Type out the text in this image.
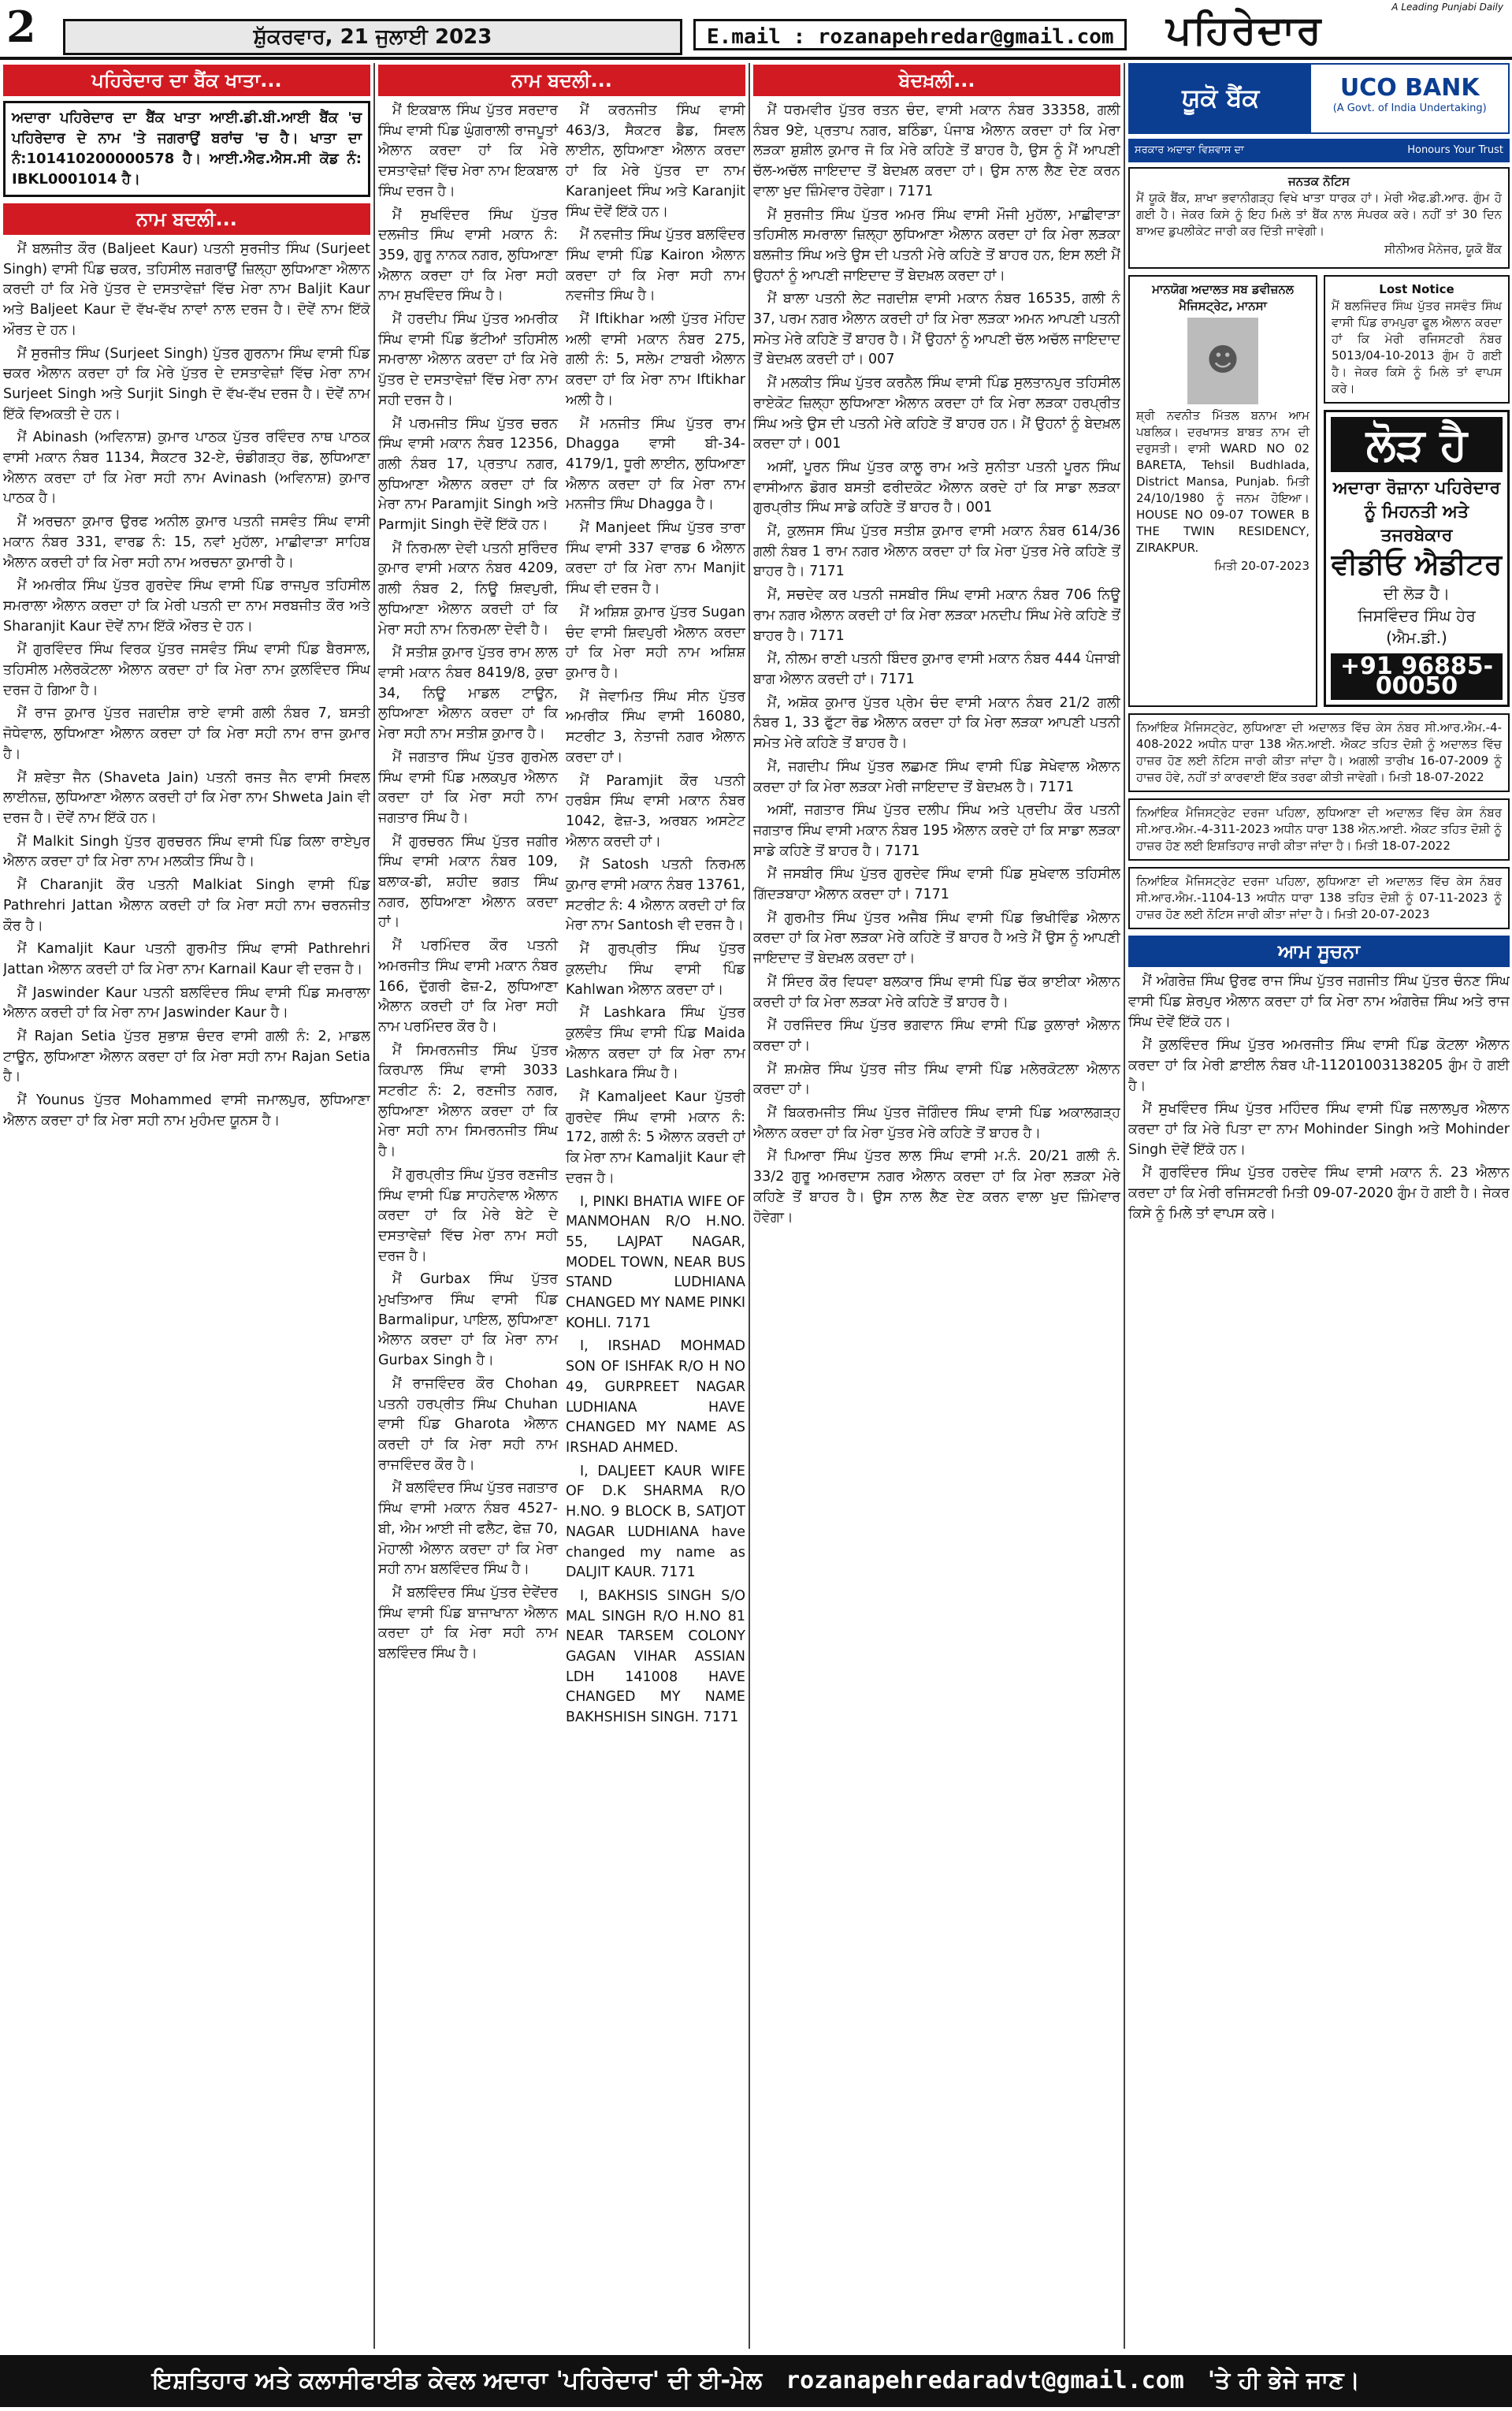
2	ਸ਼ੁੱਕਰਵਾਰ, 21 ਜੁਲਾਈ 2023	E.mail : rozanapehredar@gmail.com
A Leading Punjabi Daily
ਪਹਿਰੇਦਾਰ
ਪਹਿਰੇਦਾਰ ਦਾ ਬੈਂਕ ਖਾਤਾ...
ਅਦਾਰਾ ਪਹਿਰੇਦਾਰ ਦਾ ਬੈਂਕ ਖਾਤਾ ਆਈ.ਡੀ.ਬੀ.ਆਈ ਬੈਂਕ 'ਚ ਪਹਿਰੇਦਾਰ ਦੇ ਨਾਮ 'ਤੇ ਜਗਰਾਉਂ ਬਰਾਂਚ 'ਚ ਹੈ। ਖਾਤਾ ਦਾ ਨੰ:101410200000578 ਹੈ। ਆਈ.ਐਫ.ਐਸ.ਸੀ ਕੋਡ ਨੰ: IBKL0001014 ਹੈ।
ਨਾਮ ਬਦਲੀ...
ਮੈਂ ਬਲਜੀਤ ਕੌਰ (Baljeet Kaur) ਪਤਨੀ ਸੁਰਜੀਤ ਸਿੰਘ (Surjeet Singh) ਵਾਸੀ ਪਿੰਡ ਚਕਰ, ਤਹਿਸੀਲ ਜਗਰਾਉਂ ਜ਼ਿਲ੍ਹਾ ਲੁਧਿਆਣਾ ਐਲਾਨ ਕਰਦੀ ਹਾਂ ਕਿ ਮੇਰੇ ਪੁੱਤਰ ਦੇ ਦਸਤਾਵੇਜ਼ਾਂ ਵਿੱਚ ਮੇਰਾ ਨਾਮ Baljit Kaur ਅਤੇ Baljeet Kaur ਦੋ ਵੱਖ-ਵੱਖ ਨਾਵਾਂ ਨਾਲ ਦਰਜ ਹੈ। ਦੋਵੇਂ ਨਾਮ ਇੱਕੋ ਔਰਤ ਦੇ ਹਨ।
ਮੈਂ ਸੁਰਜੀਤ ਸਿੰਘ (Surjeet Singh) ਪੁੱਤਰ ਗੁਰਨਾਮ ਸਿੰਘ ਵਾਸੀ ਪਿੰਡ ਚਕਰ ਐਲਾਨ ਕਰਦਾ ਹਾਂ ਕਿ ਮੇਰੇ ਪੁੱਤਰ ਦੇ ਦਸਤਾਵੇਜ਼ਾਂ ਵਿੱਚ ਮੇਰਾ ਨਾਮ Surjeet Singh ਅਤੇ Surjit Singh ਦੋ ਵੱਖ-ਵੱਖ ਦਰਜ ਹੈ। ਦੋਵੇਂ ਨਾਮ ਇੱਕੋ ਵਿਅਕਤੀ ਦੇ ਹਨ।
ਮੈਂ Abinash (ਅਵਿਨਾਸ਼) ਕੁਮਾਰ ਪਾਠਕ ਪੁੱਤਰ ਰਵਿੰਦਰ ਨਾਥ ਪਾਠਕ ਵਾਸੀ ਮਕਾਨ ਨੰਬਰ 1134, ਸੈਕਟਰ 32-ਏ, ਚੰਡੀਗੜ੍ਹ ਰੋਡ, ਲੁਧਿਆਣਾ ਐਲਾਨ ਕਰਦਾ ਹਾਂ ਕਿ ਮੇਰਾ ਸਹੀ ਨਾਮ Avinash (ਅਵਿਨਾਸ਼) ਕੁਮਾਰ ਪਾਠਕ ਹੈ।
ਮੈਂ ਅਰਚਨਾ ਕੁਮਾਰ ਉਰਫ ਅਨੀਲ ਕੁਮਾਰ ਪਤਨੀ ਜਸਵੰਤ ਸਿੰਘ ਵਾਸੀ ਮਕਾਨ ਨੰਬਰ 331, ਵਾਰਡ ਨੰ: 15, ਨਵਾਂ ਮੁਹੱਲਾ, ਮਾਛੀਵਾੜਾ ਸਾਹਿਬ ਐਲਾਨ ਕਰਦੀ ਹਾਂ ਕਿ ਮੇਰਾ ਸਹੀ ਨਾਮ ਅਰਚਨਾ ਕੁਮਾਰੀ ਹੈ।
ਮੈਂ ਅਮਰੀਕ ਸਿੰਘ ਪੁੱਤਰ ਗੁਰਦੇਵ ਸਿੰਘ ਵਾਸੀ ਪਿੰਡ ਰਾਜਪੁਰ ਤਹਿਸੀਲ ਸਮਰਾਲਾ ਐਲਾਨ ਕਰਦਾ ਹਾਂ ਕਿ ਮੇਰੀ ਪਤਨੀ ਦਾ ਨਾਮ ਸਰਬਜੀਤ ਕੌਰ ਅਤੇ Sharanjit Kaur ਦੋਵੇਂ ਨਾਮ ਇੱਕੋ ਔਰਤ ਦੇ ਹਨ।
ਮੈਂ ਗੁਰਵਿੰਦਰ ਸਿੰਘ ਵਿਰਕ ਪੁੱਤਰ ਜਸਵੰਤ ਸਿੰਘ ਵਾਸੀ ਪਿੰਡ ਬੈਰਸਾਲ, ਤਹਿਸੀਲ ਮਲੇਰਕੋਟਲਾ ਐਲਾਨ ਕਰਦਾ ਹਾਂ ਕਿ ਮੇਰਾ ਨਾਮ ਕੁਲਵਿੰਦਰ ਸਿੰਘ ਦਰਜ ਹੋ ਗਿਆ ਹੈ।
ਮੈਂ ਰਾਜ ਕੁਮਾਰ ਪੁੱਤਰ ਜਗਦੀਸ਼ ਰਾਏ ਵਾਸੀ ਗਲੀ ਨੰਬਰ 7, ਬਸਤੀ ਜੋਧੇਵਾਲ, ਲੁਧਿਆਣਾ ਐਲਾਨ ਕਰਦਾ ਹਾਂ ਕਿ ਮੇਰਾ ਸਹੀ ਨਾਮ ਰਾਜ ਕੁਮਾਰ ਹੈ।
ਮੈਂ ਸ਼ਵੇਤਾ ਜੈਨ (Shaveta Jain) ਪਤਨੀ ਰਜਤ ਜੈਨ ਵਾਸੀ ਸਿਵਲ ਲਾਈਨਜ਼, ਲੁਧਿਆਣਾ ਐਲਾਨ ਕਰਦੀ ਹਾਂ ਕਿ ਮੇਰਾ ਨਾਮ Shweta Jain ਵੀ ਦਰਜ ਹੈ। ਦੋਵੇਂ ਨਾਮ ਇੱਕੋ ਹਨ।
ਮੈਂ Malkit Singh ਪੁੱਤਰ ਗੁਰਚਰਨ ਸਿੰਘ ਵਾਸੀ ਪਿੰਡ ਕਿਲਾ ਰਾਏਪੁਰ ਐਲਾਨ ਕਰਦਾ ਹਾਂ ਕਿ ਮੇਰਾ ਨਾਮ ਮਲਕੀਤ ਸਿੰਘ ਹੈ।
ਮੈਂ Charanjit ਕੌਰ ਪਤਨੀ Malkiat Singh ਵਾਸੀ ਪਿੰਡ Pathrehri Jattan ਐਲਾਨ ਕਰਦੀ ਹਾਂ ਕਿ ਮੇਰਾ ਸਹੀ ਨਾਮ ਚਰਨਜੀਤ ਕੌਰ ਹੈ।
ਮੈਂ Kamaljit Kaur ਪਤਨੀ ਗੁਰਮੀਤ ਸਿੰਘ ਵਾਸੀ Pathrehri Jattan ਐਲਾਨ ਕਰਦੀ ਹਾਂ ਕਿ ਮੇਰਾ ਨਾਮ Karnail Kaur ਵੀ ਦਰਜ ਹੈ।
ਮੈਂ Jaswinder Kaur ਪਤਨੀ ਬਲਵਿੰਦਰ ਸਿੰਘ ਵਾਸੀ ਪਿੰਡ ਸਮਰਾਲਾ ਐਲਾਨ ਕਰਦੀ ਹਾਂ ਕਿ ਮੇਰਾ ਨਾਮ Jaswinder Kaur ਹੈ।
ਮੈਂ Rajan Setia ਪੁੱਤਰ ਸੁਭਾਸ਼ ਚੰਦਰ ਵਾਸੀ ਗਲੀ ਨੰ: 2, ਮਾਡਲ ਟਾਊਨ, ਲੁਧਿਆਣਾ ਐਲਾਨ ਕਰਦਾ ਹਾਂ ਕਿ ਮੇਰਾ ਸਹੀ ਨਾਮ Rajan Setia ਹੈ।
ਮੈਂ Younus ਪੁੱਤਰ Mohammed ਵਾਸੀ ਜਮਾਲਪੁਰ, ਲੁਧਿਆਣਾ ਐਲਾਨ ਕਰਦਾ ਹਾਂ ਕਿ ਮੇਰਾ ਸਹੀ ਨਾਮ ਮੁਹੰਮਦ ਯੂਨਸ ਹੈ।
ਨਾਮ ਬਦਲੀ...
ਮੈਂ ਇਕਬਾਲ ਸਿੰਘ ਪੁੱਤਰ ਸਰਦਾਰ ਸਿੰਘ ਵਾਸੀ ਪਿੰਡ ਘੁੰਗਰਾਲੀ ਰਾਜਪੂਤਾਂ ਐਲਾਨ ਕਰਦਾ ਹਾਂ ਕਿ ਮੇਰੇ ਦਸਤਾਵੇਜ਼ਾਂ ਵਿੱਚ ਮੇਰਾ ਨਾਮ ਇਕਬਾਲ ਸਿੰਘ ਦਰਜ ਹੈ।
ਮੈਂ ਸੁਖਵਿੰਦਰ ਸਿੰਘ ਪੁੱਤਰ ਦਲਜੀਤ ਸਿੰਘ ਵਾਸੀ ਮਕਾਨ ਨੰ: 359, ਗੁਰੂ ਨਾਨਕ ਨਗਰ, ਲੁਧਿਆਣਾ ਐਲਾਨ ਕਰਦਾ ਹਾਂ ਕਿ ਮੇਰਾ ਸਹੀ ਨਾਮ ਸੁਖਵਿੰਦਰ ਸਿੰਘ ਹੈ।
ਮੈਂ ਹਰਦੀਪ ਸਿੰਘ ਪੁੱਤਰ ਅਮਰੀਕ ਸਿੰਘ ਵਾਸੀ ਪਿੰਡ ਭੱਟੀਆਂ ਤਹਿਸੀਲ ਸਮਰਾਲਾ ਐਲਾਨ ਕਰਦਾ ਹਾਂ ਕਿ ਮੇਰੇ ਪੁੱਤਰ ਦੇ ਦਸਤਾਵੇਜ਼ਾਂ ਵਿੱਚ ਮੇਰਾ ਨਾਮ ਸਹੀ ਦਰਜ ਹੈ।
ਮੈਂ ਪਰਮਜੀਤ ਸਿੰਘ ਪੁੱਤਰ ਚਰਨ ਸਿੰਘ ਵਾਸੀ ਮਕਾਨ ਨੰਬਰ 12356, ਗਲੀ ਨੰਬਰ 17, ਪ੍ਰਤਾਪ ਨਗਰ, ਲੁਧਿਆਣਾ ਐਲਾਨ ਕਰਦਾ ਹਾਂ ਕਿ ਮੇਰਾ ਨਾਮ Paramjit Singh ਅਤੇ Parmjit Singh ਦੋਵੇਂ ਇੱਕੋ ਹਨ।
ਮੈਂ ਨਿਰਮਲਾ ਦੇਵੀ ਪਤਨੀ ਸੁਰਿੰਦਰ ਕੁਮਾਰ ਵਾਸੀ ਮਕਾਨ ਨੰਬਰ 4209, ਗਲੀ ਨੰਬਰ 2, ਨਿਊ ਸ਼ਿਵਪੁਰੀ, ਲੁਧਿਆਣਾ ਐਲਾਨ ਕਰਦੀ ਹਾਂ ਕਿ ਮੇਰਾ ਸਹੀ ਨਾਮ ਨਿਰਮਲਾ ਦੇਵੀ ਹੈ।
ਮੈਂ ਸਤੀਸ਼ ਕੁਮਾਰ ਪੁੱਤਰ ਰਾਮ ਲਾਲ ਵਾਸੀ ਮਕਾਨ ਨੰਬਰ 8419/8, ਕੁਚਾ 34, ਨਿਊ ਮਾਡਲ ਟਾਊਨ, ਲੁਧਿਆਣਾ ਐਲਾਨ ਕਰਦਾ ਹਾਂ ਕਿ ਮੇਰਾ ਸਹੀ ਨਾਮ ਸਤੀਸ਼ ਕੁਮਾਰ ਹੈ।
ਮੈਂ ਜਗਤਾਰ ਸਿੰਘ ਪੁੱਤਰ ਗੁਰਮੇਲ ਸਿੰਘ ਵਾਸੀ ਪਿੰਡ ਮਲਕਪੁਰ ਐਲਾਨ ਕਰਦਾ ਹਾਂ ਕਿ ਮੇਰਾ ਸਹੀ ਨਾਮ ਜਗਤਾਰ ਸਿੰਘ ਹੈ।
ਮੈਂ ਗੁਰਚਰਨ ਸਿੰਘ ਪੁੱਤਰ ਜਗੀਰ ਸਿੰਘ ਵਾਸੀ ਮਕਾਨ ਨੰਬਰ 109, ਬਲਾਕ-ਡੀ, ਸ਼ਹੀਦ ਭਗਤ ਸਿੰਘ ਨਗਰ, ਲੁਧਿਆਣਾ ਐਲਾਨ ਕਰਦਾ ਹਾਂ।
ਮੈਂ ਪਰਮਿੰਦਰ ਕੌਰ ਪਤਨੀ ਅਮਰਜੀਤ ਸਿੰਘ ਵਾਸੀ ਮਕਾਨ ਨੰਬਰ 166, ਦੁੱਗਰੀ ਫੇਜ਼-2, ਲੁਧਿਆਣਾ ਐਲਾਨ ਕਰਦੀ ਹਾਂ ਕਿ ਮੇਰਾ ਸਹੀ ਨਾਮ ਪਰਮਿੰਦਰ ਕੌਰ ਹੈ।
ਮੈਂ ਸਿਮਰਨਜੀਤ ਸਿੰਘ ਪੁੱਤਰ ਕਿਰਪਾਲ ਸਿੰਘ ਵਾਸੀ 3033 ਸਟਰੀਟ ਨੰ: 2, ਰਣਜੀਤ ਨਗਰ, ਲੁਧਿਆਣਾ ਐਲਾਨ ਕਰਦਾ ਹਾਂ ਕਿ ਮੇਰਾ ਸਹੀ ਨਾਮ ਸਿਮਰਨਜੀਤ ਸਿੰਘ ਹੈ।
ਮੈਂ ਗੁਰਪ੍ਰੀਤ ਸਿੰਘ ਪੁੱਤਰ ਰਣਜੀਤ ਸਿੰਘ ਵਾਸੀ ਪਿੰਡ ਸਾਹਨੇਵਾਲ ਐਲਾਨ ਕਰਦਾ ਹਾਂ ਕਿ ਮੇਰੇ ਬੇਟੇ ਦੇ ਦਸਤਾਵੇਜ਼ਾਂ ਵਿੱਚ ਮੇਰਾ ਨਾਮ ਸਹੀ ਦਰਜ ਹੈ।
ਮੈਂ Gurbax ਸਿੰਘ ਪੁੱਤਰ ਮੁਖਤਿਆਰ ਸਿੰਘ ਵਾਸੀ ਪਿੰਡ Barmalipur, ਪਾਇਲ, ਲੁਧਿਆਣਾ ਐਲਾਨ ਕਰਦਾ ਹਾਂ ਕਿ ਮੇਰਾ ਨਾਮ Gurbax Singh ਹੈ।
ਮੈਂ ਰਾਜਵਿੰਦਰ ਕੌਰ Chohan ਪਤਨੀ ਹਰਪ੍ਰੀਤ ਸਿੰਘ Chuhan ਵਾਸੀ ਪਿੰਡ Gharota ਐਲਾਨ ਕਰਦੀ ਹਾਂ ਕਿ ਮੇਰਾ ਸਹੀ ਨਾਮ ਰਾਜਵਿੰਦਰ ਕੌਰ ਹੈ।
ਮੈਂ ਬਲਵਿੰਦਰ ਸਿੰਘ ਪੁੱਤਰ ਜਗਤਾਰ ਸਿੰਘ ਵਾਸੀ ਮਕਾਨ ਨੰਬਰ 4527-ਬੀ, ਐਮ ਆਈ ਜੀ ਫਲੈਟ, ਫੇਜ਼ 70, ਮੋਹਾਲੀ ਐਲਾਨ ਕਰਦਾ ਹਾਂ ਕਿ ਮੇਰਾ ਸਹੀ ਨਾਮ ਬਲਵਿੰਦਰ ਸਿੰਘ ਹੈ।
ਮੈਂ ਬਲਵਿੰਦਰ ਸਿੰਘ ਪੁੱਤਰ ਦੇਵੇਂਦਰ ਸਿੰਘ ਵਾਸੀ ਪਿੰਡ ਬਾਜਾਖਾਨਾ ਐਲਾਨ ਕਰਦਾ ਹਾਂ ਕਿ ਮੇਰਾ ਸਹੀ ਨਾਮ ਬਲਵਿੰਦਰ ਸਿੰਘ ਹੈ।
ਮੈਂ ਕਰਨਜੀਤ ਸਿੰਘ ਵਾਸੀ 463/3, ਸੈਕਟਰ ਡੈਡ, ਸਿਵਲ ਲਾਈਨ, ਲੁਧਿਆਣਾ ਐਲਾਨ ਕਰਦਾ ਹਾਂ ਕਿ ਮੇਰੇ ਪੁੱਤਰ ਦਾ ਨਾਮ Karanjeet ਸਿੰਘ ਅਤੇ Karanjit ਸਿੰਘ ਦੋਵੇਂ ਇੱਕੋ ਹਨ।
ਮੈਂ ਨਵਜੀਤ ਸਿੰਘ ਪੁੱਤਰ ਬਲਵਿੰਦਰ ਸਿੰਘ ਵਾਸੀ ਪਿੰਡ Kairon ਐਲਾਨ ਕਰਦਾ ਹਾਂ ਕਿ ਮੇਰਾ ਸਹੀ ਨਾਮ ਨਵਜੀਤ ਸਿੰਘ ਹੈ।
ਮੈਂ Iftikhar ਅਲੀ ਪੁੱਤਰ ਮੋਹਿਦ ਅਲੀ ਵਾਸੀ ਮਕਾਨ ਨੰਬਰ 275, ਗਲੀ ਨੰ: 5, ਸਲੇਮ ਟਾਬਰੀ ਐਲਾਨ ਕਰਦਾ ਹਾਂ ਕਿ ਮੇਰਾ ਨਾਮ Iftikhar ਅਲੀ ਹੈ।
ਮੈਂ ਮਨਜੀਤ ਸਿੰਘ ਪੁੱਤਰ ਰਾਮ Dhagga ਵਾਸੀ ਬੀ-34-4179/1, ਧੂਰੀ ਲਾਈਨ, ਲੁਧਿਆਣਾ ਐਲਾਨ ਕਰਦਾ ਹਾਂ ਕਿ ਮੇਰਾ ਨਾਮ ਮਨਜੀਤ ਸਿੰਘ Dhagga ਹੈ।
ਮੈਂ Manjeet ਸਿੰਘ ਪੁੱਤਰ ਤਾਰਾ ਸਿੰਘ ਵਾਸੀ 337 ਵਾਰਡ 6 ਐਲਾਨ ਕਰਦਾ ਹਾਂ ਕਿ ਮੇਰਾ ਨਾਮ Manjit ਸਿੰਘ ਵੀ ਦਰਜ ਹੈ।
ਮੈਂ ਅਸ਼ਿਸ਼ ਕੁਮਾਰ ਪੁੱਤਰ Sugan ਚੰਦ ਵਾਸੀ ਸ਼ਿਵਪੁਰੀ ਐਲਾਨ ਕਰਦਾ ਹਾਂ ਕਿ ਮੇਰਾ ਸਹੀ ਨਾਮ ਅਸ਼ਿਸ਼ ਕੁਮਾਰ ਹੈ।
ਮੈਂ ਜੇਵਾਮਿਤ ਸਿੰਘ ਸੀਨ ਪੁੱਤਰ ਅਮਰੀਕ ਸਿੰਘ ਵਾਸੀ 16080, ਸਟਰੀਟ 3, ਨੇਤਾਜੀ ਨਗਰ ਐਲਾਨ ਕਰਦਾ ਹਾਂ।
ਮੈਂ Paramjit ਕੌਰ ਪਤਨੀ ਹਰਬੰਸ ਸਿੰਘ ਵਾਸੀ ਮਕਾਨ ਨੰਬਰ 1042, ਫੇਜ਼-3, ਅਰਬਨ ਅਸਟੇਟ ਐਲਾਨ ਕਰਦੀ ਹਾਂ।
ਮੈਂ Satosh ਪਤਨੀ ਨਿਰਮਲ ਕੁਮਾਰ ਵਾਸੀ ਮਕਾਨ ਨੰਬਰ 13761, ਸਟਰੀਟ ਨੰ: 4 ਐਲਾਨ ਕਰਦੀ ਹਾਂ ਕਿ ਮੇਰਾ ਨਾਮ Santosh ਵੀ ਦਰਜ ਹੈ।
ਮੈਂ ਗੁਰਪ੍ਰੀਤ ਸਿੰਘ ਪੁੱਤਰ ਕੁਲਦੀਪ ਸਿੰਘ ਵਾਸੀ ਪਿੰਡ Kahlwan ਐਲਾਨ ਕਰਦਾ ਹਾਂ।
ਮੈਂ Lashkara ਸਿੰਘ ਪੁੱਤਰ ਕੁਲਵੰਤ ਸਿੰਘ ਵਾਸੀ ਪਿੰਡ Maida ਐਲਾਨ ਕਰਦਾ ਹਾਂ ਕਿ ਮੇਰਾ ਨਾਮ Lashkara ਸਿੰਘ ਹੈ।
ਮੈਂ Kamaljeet Kaur ਪੁੱਤਰੀ ਗੁਰਦੇਵ ਸਿੰਘ ਵਾਸੀ ਮਕਾਨ ਨੰ: 172, ਗਲੀ ਨੰ: 5 ਐਲਾਨ ਕਰਦੀ ਹਾਂ ਕਿ ਮੇਰਾ ਨਾਮ Kamaljit Kaur ਵੀ ਦਰਜ ਹੈ।
I, PINKI BHATIA WIFE OF MANMOHAN R/O H.NO. 55, LAJPAT NAGAR, MODEL TOWN, NEAR BUS STAND LUDHIANA CHANGED MY NAME PINKI KOHLI. 7171
I, IRSHAD MOHMAD SON OF ISHFAK R/O H NO 49, GURPREET NAGAR LUDHIANA HAVE CHANGED MY NAME AS IRSHAD AHMED.
I, DALJEET KAUR WIFE OF D.K SHARMA R/O H.NO. 9 BLOCK B, SATJOT NAGAR LUDHIANA have changed my name as DALJIT KAUR. 7171
I, BAKHSIS SINGH S/O MAL SINGH R/O H.NO 81 NEAR TARSEM COLONY GAGAN VIHAR ASSIAN LDH 141008 HAVE CHANGED MY NAME BAKHSHISH SINGH. 7171
ਬੇਦਖ਼ਲੀ...
ਮੈਂ ਧਰਮਵੀਰ ਪੁੱਤਰ ਰਤਨ ਚੰਦ, ਵਾਸੀ ਮਕਾਨ ਨੰਬਰ 33358, ਗਲੀ ਨੰਬਰ 9ਏ, ਪ੍ਰਤਾਪ ਨਗਰ, ਬਠਿੰਡਾ, ਪੰਜਾਬ ਐਲਾਨ ਕਰਦਾ ਹਾਂ ਕਿ ਮੇਰਾ ਲੜਕਾ ਸ਼ੁਸ਼ੀਲ ਕੁਮਾਰ ਜੋ ਕਿ ਮੇਰੇ ਕਹਿਣੇ ਤੋਂ ਬਾਹਰ ਹੈ, ਉਸ ਨੂੰ ਮੈਂ ਆਪਣੀ ਚੱਲ-ਅਚੱਲ ਜਾਇਦਾਦ ਤੋਂ ਬੇਦਖ਼ਲ ਕਰਦਾ ਹਾਂ। ਉਸ ਨਾਲ ਲੈਣ ਦੇਣ ਕਰਨ ਵਾਲਾ ਖੁਦ ਜ਼ਿੰਮੇਵਾਰ ਹੋਵੇਗਾ। 7171
ਮੈਂ ਸੁਰਜੀਤ ਸਿੰਘ ਪੁੱਤਰ ਅਮਰ ਸਿੰਘ ਵਾਸੀ ਮੌਜੀ ਮੁਹੱਲਾ, ਮਾਛੀਵਾੜਾ ਤਹਿਸੀਲ ਸਮਰਾਲਾ ਜ਼ਿਲ੍ਹਾ ਲੁਧਿਆਣਾ ਐਲਾਨ ਕਰਦਾ ਹਾਂ ਕਿ ਮੇਰਾ ਲੜਕਾ ਬਲਜੀਤ ਸਿੰਘ ਅਤੇ ਉਸ ਦੀ ਪਤਨੀ ਮੇਰੇ ਕਹਿਣੇ ਤੋਂ ਬਾਹਰ ਹਨ, ਇਸ ਲਈ ਮੈਂ ਉਹਨਾਂ ਨੂੰ ਆਪਣੀ ਜਾਇਦਾਦ ਤੋਂ ਬੇਦਖ਼ਲ ਕਰਦਾ ਹਾਂ।
ਮੈਂ ਬਾਲਾ ਪਤਨੀ ਲੇਟ ਜਗਦੀਸ਼ ਵਾਸੀ ਮਕਾਨ ਨੰਬਰ 16535, ਗਲੀ ਨੰ 37, ਪਰਮ ਨਗਰ ਐਲਾਨ ਕਰਦੀ ਹਾਂ ਕਿ ਮੇਰਾ ਲੜਕਾ ਅਮਨ ਆਪਣੀ ਪਤਨੀ ਸਮੇਤ ਮੇਰੇ ਕਹਿਣੇ ਤੋਂ ਬਾਹਰ ਹੈ। ਮੈਂ ਉਹਨਾਂ ਨੂੰ ਆਪਣੀ ਚੱਲ ਅਚੱਲ ਜਾਇਦਾਦ ਤੋਂ ਬੇਦਖ਼ਲ ਕਰਦੀ ਹਾਂ। 007
ਮੈਂ ਮਲਕੀਤ ਸਿੰਘ ਪੁੱਤਰ ਕਰਨੈਲ ਸਿੰਘ ਵਾਸੀ ਪਿੰਡ ਸੁਲਤਾਨਪੁਰ ਤਹਿਸੀਲ ਰਾਏਕੋਟ ਜ਼ਿਲ੍ਹਾ ਲੁਧਿਆਣਾ ਐਲਾਨ ਕਰਦਾ ਹਾਂ ਕਿ ਮੇਰਾ ਲੜਕਾ ਹਰਪ੍ਰੀਤ ਸਿੰਘ ਅਤੇ ਉਸ ਦੀ ਪਤਨੀ ਮੇਰੇ ਕਹਿਣੇ ਤੋਂ ਬਾਹਰ ਹਨ। ਮੈਂ ਉਹਨਾਂ ਨੂੰ ਬੇਦਖ਼ਲ ਕਰਦਾ ਹਾਂ। 001
ਅਸੀਂ, ਪੂਰਨ ਸਿੰਘ ਪੁੱਤਰ ਕਾਲੂ ਰਾਮ ਅਤੇ ਸੁਨੀਤਾ ਪਤਨੀ ਪੂਰਨ ਸਿੰਘ ਵਾਸੀਆਨ ਡੋਗਰ ਬਸਤੀ ਫਰੀਦਕੋਟ ਐਲਾਨ ਕਰਦੇ ਹਾਂ ਕਿ ਸਾਡਾ ਲੜਕਾ ਗੁਰਪ੍ਰੀਤ ਸਿੰਘ ਸਾਡੇ ਕਹਿਣੇ ਤੋਂ ਬਾਹਰ ਹੈ। 001
ਮੈਂ, ਕੁਲਜਸ ਸਿੰਘ ਪੁੱਤਰ ਸਤੀਸ਼ ਕੁਮਾਰ ਵਾਸੀ ਮਕਾਨ ਨੰਬਰ 614/36 ਗਲੀ ਨੰਬਰ 1 ਰਾਮ ਨਗਰ ਐਲਾਨ ਕਰਦਾ ਹਾਂ ਕਿ ਮੇਰਾ ਪੁੱਤਰ ਮੇਰੇ ਕਹਿਣੇ ਤੋਂ ਬਾਹਰ ਹੈ। 7171
ਮੈਂ, ਸਚਦੇਵ ਕਰ ਪਤਨੀ ਜਸਬੀਰ ਸਿੰਘ ਵਾਸੀ ਮਕਾਨ ਨੰਬਰ 706 ਨਿਊ ਰਾਮ ਨਗਰ ਐਲਾਨ ਕਰਦੀ ਹਾਂ ਕਿ ਮੇਰਾ ਲੜਕਾ ਮਨਦੀਪ ਸਿੰਘ ਮੇਰੇ ਕਹਿਣੇ ਤੋਂ ਬਾਹਰ ਹੈ। 7171
ਮੈਂ, ਨੀਲਮ ਰਾਣੀ ਪਤਨੀ ਬਿੰਦਰ ਕੁਮਾਰ ਵਾਸੀ ਮਕਾਨ ਨੰਬਰ 444 ਪੰਜਾਬੀ ਬਾਗ ਐਲਾਨ ਕਰਦੀ ਹਾਂ। 7171
ਮੈਂ, ਅਸ਼ੋਕ ਕੁਮਾਰ ਪੁੱਤਰ ਪ੍ਰੇਮ ਚੰਦ ਵਾਸੀ ਮਕਾਨ ਨੰਬਰ 21/2 ਗਲੀ ਨੰਬਰ 1, 33 ਫੁੱਟਾ ਰੋਡ ਐਲਾਨ ਕਰਦਾ ਹਾਂ ਕਿ ਮੇਰਾ ਲੜਕਾ ਆਪਣੀ ਪਤਨੀ ਸਮੇਤ ਮੇਰੇ ਕਹਿਣੇ ਤੋਂ ਬਾਹਰ ਹੈ।
ਮੈਂ, ਜਗਦੀਪ ਸਿੰਘ ਪੁੱਤਰ ਲਛਮਣ ਸਿੰਘ ਵਾਸੀ ਪਿੰਡ ਸੇਖੇਵਾਲ ਐਲਾਨ ਕਰਦਾ ਹਾਂ ਕਿ ਮੇਰਾ ਲੜਕਾ ਮੇਰੀ ਜਾਇਦਾਦ ਤੋਂ ਬੇਦਖ਼ਲ ਹੈ। 7171
ਅਸੀਂ, ਜਗਤਾਰ ਸਿੰਘ ਪੁੱਤਰ ਦਲੀਪ ਸਿੰਘ ਅਤੇ ਪ੍ਰਦੀਪ ਕੌਰ ਪਤਨੀ ਜਗਤਾਰ ਸਿੰਘ ਵਾਸੀ ਮਕਾਨ ਨੰਬਰ 195 ਐਲਾਨ ਕਰਦੇ ਹਾਂ ਕਿ ਸਾਡਾ ਲੜਕਾ ਸਾਡੇ ਕਹਿਣੇ ਤੋਂ ਬਾਹਰ ਹੈ। 7171
ਮੈਂ ਜਸਬੀਰ ਸਿੰਘ ਪੁੱਤਰ ਗੁਰਦੇਵ ਸਿੰਘ ਵਾਸੀ ਪਿੰਡ ਸੁਖੇਵਾਲ ਤਹਿਸੀਲ ਗਿੱਦੜਬਾਹਾ ਐਲਾਨ ਕਰਦਾ ਹਾਂ। 7171
ਮੈਂ ਗੁਰਮੀਤ ਸਿੰਘ ਪੁੱਤਰ ਅਜੈਬ ਸਿੰਘ ਵਾਸੀ ਪਿੰਡ ਭਿਖੀਵਿੰਡ ਐਲਾਨ ਕਰਦਾ ਹਾਂ ਕਿ ਮੇਰਾ ਲੜਕਾ ਮੇਰੇ ਕਹਿਣੇ ਤੋਂ ਬਾਹਰ ਹੈ ਅਤੇ ਮੈਂ ਉਸ ਨੂੰ ਆਪਣੀ ਜਾਇਦਾਦ ਤੋਂ ਬੇਦਖ਼ਲ ਕਰਦਾ ਹਾਂ।
ਮੈਂ ਸਿੰਦਰ ਕੌਰ ਵਿਧਵਾ ਬਲਕਾਰ ਸਿੰਘ ਵਾਸੀ ਪਿੰਡ ਚੱਕ ਭਾਈਕਾ ਐਲਾਨ ਕਰਦੀ ਹਾਂ ਕਿ ਮੇਰਾ ਲੜਕਾ ਮੇਰੇ ਕਹਿਣੇ ਤੋਂ ਬਾਹਰ ਹੈ।
ਮੈਂ ਹਰਜਿੰਦਰ ਸਿੰਘ ਪੁੱਤਰ ਭਗਵਾਨ ਸਿੰਘ ਵਾਸੀ ਪਿੰਡ ਕੁਲਾਰਾਂ ਐਲਾਨ ਕਰਦਾ ਹਾਂ।
ਮੈਂ ਸ਼ਮਸ਼ੇਰ ਸਿੰਘ ਪੁੱਤਰ ਜੀਤ ਸਿੰਘ ਵਾਸੀ ਪਿੰਡ ਮਲੇਰਕੋਟਲਾ ਐਲਾਨ ਕਰਦਾ ਹਾਂ।
ਮੈਂ ਬਿਕਰਮਜੀਤ ਸਿੰਘ ਪੁੱਤਰ ਜੋਗਿੰਦਰ ਸਿੰਘ ਵਾਸੀ ਪਿੰਡ ਅਕਾਲਗੜ੍ਹ ਐਲਾਨ ਕਰਦਾ ਹਾਂ ਕਿ ਮੇਰਾ ਪੁੱਤਰ ਮੇਰੇ ਕਹਿਣੇ ਤੋਂ ਬਾਹਰ ਹੈ।
ਮੈਂ ਪਿਆਰਾ ਸਿੰਘ ਪੁੱਤਰ ਲਾਲ ਸਿੰਘ ਵਾਸੀ ਮ.ਨੰ. 20/21 ਗਲੀ ਨੰ. 33/2 ਗੁਰੂ ਅਮਰਦਾਸ ਨਗਰ ਐਲਾਨ ਕਰਦਾ ਹਾਂ ਕਿ ਮੇਰਾ ਲੜਕਾ ਮੇਰੇ ਕਹਿਣੇ ਤੋਂ ਬਾਹਰ ਹੈ। ਉਸ ਨਾਲ ਲੈਣ ਦੇਣ ਕਰਨ ਵਾਲਾ ਖੁਦ ਜ਼ਿੰਮੇਵਾਰ ਹੋਵੇਗਾ।
ਯੂਕੋ ਬੈਂਕ	UCO BANK
(A Govt. of India Undertaking)
ਸਰਕਾਰ ਅਦਾਰਾ ਵਿਸ਼ਵਾਸ ਦਾ	Honours Your Trust
ਜਨਤਕ ਨੋਟਿਸ
ਮੈਂ ਯੂਕੋ ਬੈਂਕ, ਸ਼ਾਖਾ ਭਵਾਨੀਗੜ੍ਹ ਵਿਖੇ ਖਾਤਾ ਧਾਰਕ ਹਾਂ। ਮੇਰੀ ਐਫ.ਡੀ.ਆਰ. ਗੁੰਮ ਹੋ ਗਈ ਹੈ। ਜੇਕਰ ਕਿਸੇ ਨੂੰ ਇਹ ਮਿਲੇ ਤਾਂ ਬੈਂਕ ਨਾਲ ਸੰਪਰਕ ਕਰੇ। ਨਹੀਂ ਤਾਂ 30 ਦਿਨ ਬਾਅਦ ਡੁਪਲੀਕੇਟ ਜਾਰੀ ਕਰ ਦਿੱਤੀ ਜਾਵੇਗੀ।
ਸੀਨੀਅਰ ਮੈਨੇਜਰ, ਯੂਕੋ ਬੈਂਕ
ਮਾਨਯੋਗ ਅਦਾਲਤ ਸਬ ਡਵੀਜ਼ਨਲ ਮੈਜਿਸਟ੍ਰੇਟ, ਮਾਨਸਾ
☻
ਸ਼੍ਰੀ ਨਵਨੀਤ ਮਿੱਤਲ ਬਨਾਮ ਆਮ ਪਬਲਿਕ। ਦਰਖਾਸਤ ਬਾਬਤ ਨਾਮ ਦੀ ਦਰੁਸਤੀ। ਵਾਸੀ WARD NO 02 BARETA, Tehsil Budhlada, District Mansa, Punjab. ਮਿਤੀ 24/10/1980 ਨੂੰ ਜਨਮ ਹੋਇਆ। HOUSE NO 09-07 TOWER B THE TWIN RESIDENCY, ZIRAKPUR.
ਮਿਤੀ 20-07-2023
Lost Notice
ਮੈਂ ਬਲਜਿੰਦਰ ਸਿੰਘ ਪੁੱਤਰ ਜਸਵੰਤ ਸਿੰਘ ਵਾਸੀ ਪਿੰਡ ਰਾਮਪੁਰਾ ਫੂਲ ਐਲਾਨ ਕਰਦਾ ਹਾਂ ਕਿ ਮੇਰੀ ਰਜਿਸਟਰੀ ਨੰਬਰ 5013/04-10-2013 ਗੁੰਮ ਹੋ ਗਈ ਹੈ। ਜੇਕਰ ਕਿਸੇ ਨੂੰ ਮਿਲੇ ਤਾਂ ਵਾਪਸ ਕਰੇ।
ਲੋੜ ਹੈ
ਅਦਾਰਾ ਰੋਜ਼ਾਨਾ ਪਹਿਰੇਦਾਰ ਨੂੰ ਮਿਹਨਤੀ ਅਤੇ ਤਜਰਬੇਕਾਰ
ਵੀਡੀਓ ਐਡੀਟਰ
ਦੀ ਲੋੜ ਹੈ।
ਜਿਸਵਿੰਦਰ ਸਿੰਘ ਹੇਰ (ਐਮ.ਡੀ.)
+91 96885-00050
ਨਿਆਂਇਕ ਮੈਜਿਸਟ੍ਰੇਟ, ਲੁਧਿਆਣਾ ਦੀ ਅਦਾਲਤ ਵਿੱਚ ਕੇਸ ਨੰਬਰ ਸੀ.ਆਰ.ਐਮ.-4-408-2022 ਅਧੀਨ ਧਾਰਾ 138 ਐਨ.ਆਈ. ਐਕਟ ਤਹਿਤ ਦੋਸ਼ੀ ਨੂੰ ਅਦਾਲਤ ਵਿੱਚ ਹਾਜ਼ਰ ਹੋਣ ਲਈ ਨੋਟਿਸ ਜਾਰੀ ਕੀਤਾ ਜਾਂਦਾ ਹੈ। ਅਗਲੀ ਤਾਰੀਖ 16-07-2009 ਨੂੰ ਹਾਜ਼ਰ ਹੋਵੇ, ਨਹੀਂ ਤਾਂ ਕਾਰਵਾਈ ਇੱਕ ਤਰਫਾ ਕੀਤੀ ਜਾਵੇਗੀ। ਮਿਤੀ 18-07-2022
ਨਿਆਂਇਕ ਮੈਜਿਸਟ੍ਰੇਟ ਦਰਜਾ ਪਹਿਲਾ, ਲੁਧਿਆਣਾ ਦੀ ਅਦਾਲਤ ਵਿੱਚ ਕੇਸ ਨੰਬਰ ਸੀ.ਆਰ.ਐਮ.-4-311-2023 ਅਧੀਨ ਧਾਰਾ 138 ਐਨ.ਆਈ. ਐਕਟ ਤਹਿਤ ਦੋਸ਼ੀ ਨੂੰ ਹਾਜ਼ਰ ਹੋਣ ਲਈ ਇਸ਼ਤਿਹਾਰ ਜਾਰੀ ਕੀਤਾ ਜਾਂਦਾ ਹੈ। ਮਿਤੀ 18-07-2022
ਨਿਆਂਇਕ ਮੈਜਿਸਟ੍ਰੇਟ ਦਰਜਾ ਪਹਿਲਾ, ਲੁਧਿਆਣਾ ਦੀ ਅਦਾਲਤ ਵਿੱਚ ਕੇਸ ਨੰਬਰ ਸੀ.ਆਰ.ਐਮ.-1104-13 ਅਧੀਨ ਧਾਰਾ 138 ਤਹਿਤ ਦੋਸ਼ੀ ਨੂੰ 07-11-2023 ਨੂੰ ਹਾਜ਼ਰ ਹੋਣ ਲਈ ਨੋਟਿਸ ਜਾਰੀ ਕੀਤਾ ਜਾਂਦਾ ਹੈ। ਮਿਤੀ 20-07-2023
ਆਮ ਸੂਚਨਾ
ਮੈਂ ਅੰਗਰੇਜ਼ ਸਿੰਘ ਉਰਫ ਰਾਜ ਸਿੰਘ ਪੁੱਤਰ ਜਗਜੀਤ ਸਿੰਘ ਪੁੱਤਰ ਚੰਨਣ ਸਿੰਘ ਵਾਸੀ ਪਿੰਡ ਸ਼ੇਰਪੁਰ ਐਲਾਨ ਕਰਦਾ ਹਾਂ ਕਿ ਮੇਰਾ ਨਾਮ ਅੰਗਰੇਜ਼ ਸਿੰਘ ਅਤੇ ਰਾਜ ਸਿੰਘ ਦੋਵੇਂ ਇੱਕੋ ਹਨ।
ਮੈਂ ਕੁਲਵਿੰਦਰ ਸਿੰਘ ਪੁੱਤਰ ਅਮਰਜੀਤ ਸਿੰਘ ਵਾਸੀ ਪਿੰਡ ਕੋਟਲਾ ਐਲਾਨ ਕਰਦਾ ਹਾਂ ਕਿ ਮੇਰੀ ਫ਼ਾਈਲ ਨੰਬਰ ਪੀ-11201003138205 ਗੁੰਮ ਹੋ ਗਈ ਹੈ।
ਮੈਂ ਸੁਖਵਿੰਦਰ ਸਿੰਘ ਪੁੱਤਰ ਮਹਿੰਦਰ ਸਿੰਘ ਵਾਸੀ ਪਿੰਡ ਜਲਾਲਪੁਰ ਐਲਾਨ ਕਰਦਾ ਹਾਂ ਕਿ ਮੇਰੇ ਪਿਤਾ ਦਾ ਨਾਮ Mohinder Singh ਅਤੇ Mohinder Singh ਦੋਵੇਂ ਇੱਕੋ ਹਨ।
ਮੈਂ ਗੁਰਵਿੰਦਰ ਸਿੰਘ ਪੁੱਤਰ ਹਰਦੇਵ ਸਿੰਘ ਵਾਸੀ ਮਕਾਨ ਨੰ. 23 ਐਲਾਨ ਕਰਦਾ ਹਾਂ ਕਿ ਮੇਰੀ ਰਜਿਸਟਰੀ ਮਿਤੀ 09-07-2020 ਗੁੰਮ ਹੋ ਗਈ ਹੈ। ਜੇਕਰ ਕਿਸੇ ਨੂੰ ਮਿਲੇ ਤਾਂ ਵਾਪਸ ਕਰੇ।
ਇਸ਼ਤਿਹਾਰ ਅਤੇ ਕਲਾਸੀਫਾਈਡ ਕੇਵਲ ਅਦਾਰਾ 'ਪਹਿਰੇਦਾਰ' ਦੀ ਈ-ਮੇਲ rozanapehredaradvt@gmail.com 'ਤੇ ਹੀ ਭੇਜੇ ਜਾਣ।
